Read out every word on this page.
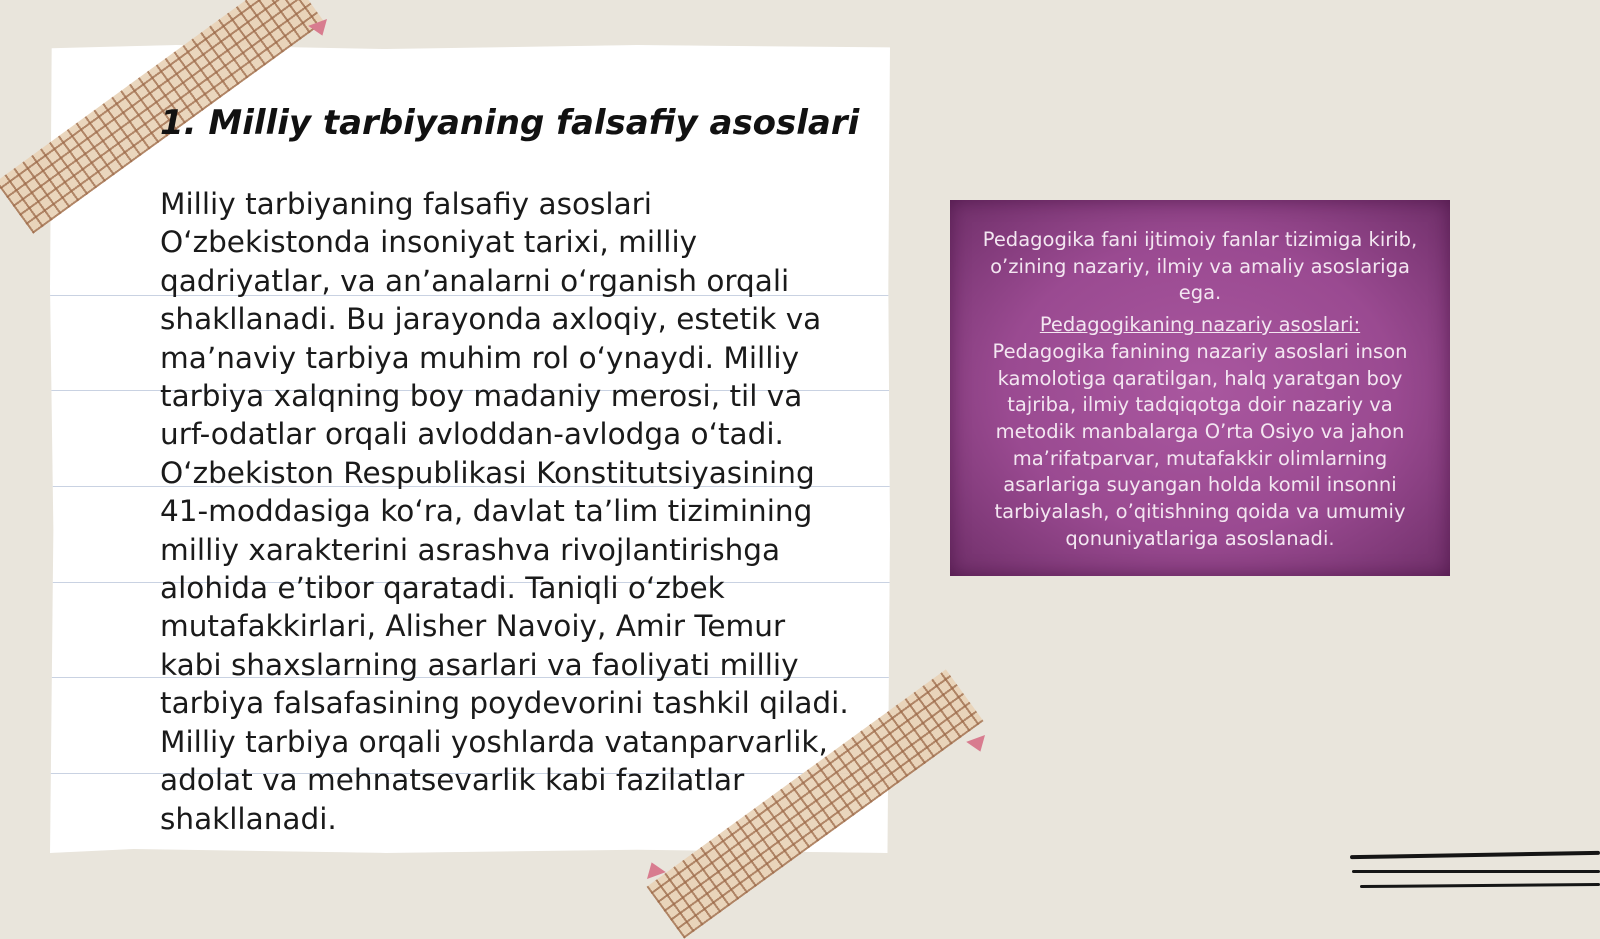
1. Milliy tarbiyaning falsafiy asoslari

Milliy tarbiyaning falsafiy asoslari O‘zbekistonda insoniyat tarixi, milliy qadriyatlar, va an’analarni o‘rganish orqali shakllanadi. Bu jarayonda axloqiy, estetik va ma’naviy tarbiya muhim rol o‘ynaydi. Milliy tarbiya xalqning boy madaniy merosi, til va urf-odatlar orqali avloddan-avlodga o‘tadi. O‘zbekiston Respublikasi Konstitutsiyasining 41-moddasiga ko‘ra, davlat ta’lim tizimining milliy xarakterini asrashva rivojlantirishga alohida e’tibor qaratadi. Taniqli o‘zbek mutafakkirlari, Alisher Navoiy, Amir Temur kabi shaxslarning asarlari va faoliyati milliy tarbiya falsafasining poydevorini tashkil qiladi. Milliy tarbiya orqali yoshlarda vatanparvarlik, adolat va mehnatsevarlik kabi fazilatlar shakllanadi.

Pedagogika fani ijtimoiy fanlar tizimiga kirib, o’zining nazariy, ilmiy va amaliy asoslariga ega.

Pedagogikaning nazariy asoslari:

Pedagogika fanining nazariy asoslari inson kamolotiga qaratilgan, halq yaratgan boy tajriba, ilmiy tadqiqotga doir nazariy va metodik manbalarga O’rta Osiyo va jahon ma’rifatparvar, mutafakkir olimlarning asarlariga suyangan holda komil insonni tarbiyalash, o’qitishning qoida va umumiy qonuniyatlariga asoslanadi.
